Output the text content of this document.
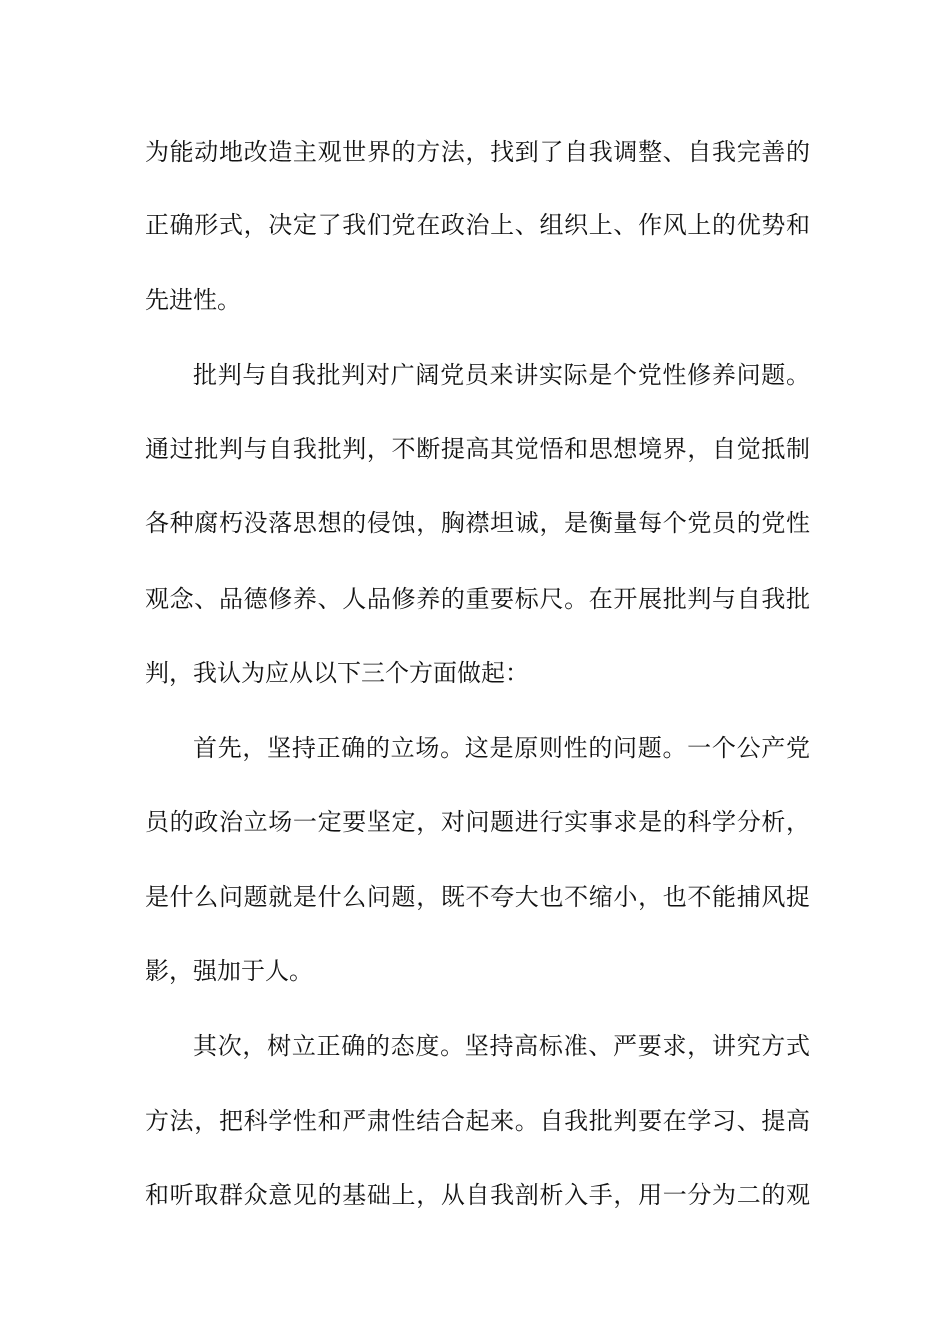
为能动地改造主观世界的方法，找到了自我调整、自我完善的
正确形式，决定了我们党在政治上、组织上、作风上的优势和
先进性。
批判与自我批判对广阔党员来讲实际是个党性修养问题。
通过批判与自我批判，不断提高其觉悟和思想境界，自觉抵制
各种腐朽没落思想的侵蚀，胸襟坦诚，是衡量每个党员的党性
观念、品德修养、人品修养的重要标尺。在开展批判与自我批
判，我认为应从以下三个方面做起：
首先，坚持正确的立场。这是原则性的问题。一个公产党
员的政治立场一定要坚定，对问题进行实事求是的科学分析，
是什么问题就是什么问题，既不夸大也不缩小，也不能捕风捉
影，强加于人。
其次，树立正确的态度。坚持高标准、严要求，讲究方式
方法，把科学性和严肃性结合起来。自我批判要在学习、提高
和听取群众意见的基础上，从自我剖析入手，用一分为二的观
